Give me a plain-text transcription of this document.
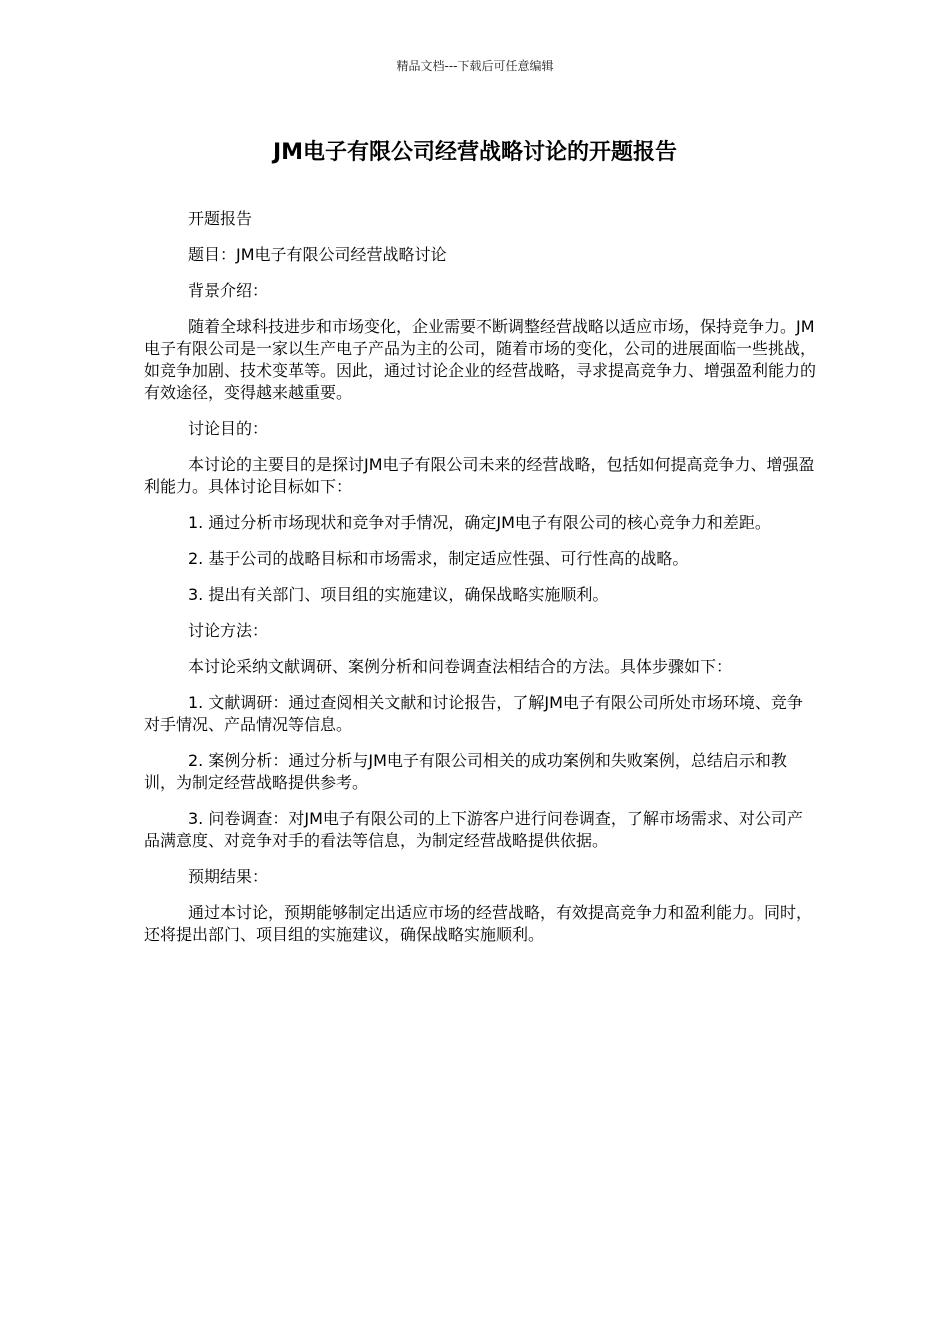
精品文档---下载后可任意编辑
JM电子有限公司经营战略讨论的开题报告

开题报告

题目：JM电子有限公司经营战略讨论

背景介绍：

随着全球科技进步和市场变化，企业需要不断调整经营战略以适应市场，保持竞争力。JM电子有限公司是一家以生产电子产品为主的公司，随着市场的变化，公司的进展面临一些挑战，如竞争加剧、技术变革等。因此，通过讨论企业的经营战略，寻求提高竞争力、增强盈利能力的有效途径，变得越来越重要。

讨论目的：

本讨论的主要目的是探讨JM电子有限公司未来的经营战略，包括如何提高竞争力、增强盈利能力。具体讨论目标如下：

1. 通过分析市场现状和竞争对手情况，确定JM电子有限公司的核心竞争力和差距。

2. 基于公司的战略目标和市场需求，制定适应性强、可行性高的战略。

3. 提出有关部门、项目组的实施建议，确保战略实施顺利。

讨论方法：

本讨论采纳文献调研、案例分析和问卷调查法相结合的方法。具体步骤如下：

1. 文献调研：通过查阅相关文献和讨论报告，了解JM电子有限公司所处市场环境、竞争对手情况、产品情况等信息。

2. 案例分析：通过分析与JM电子有限公司相关的成功案例和失败案例，总结启示和教训，为制定经营战略提供参考。

3. 问卷调查：对JM电子有限公司的上下游客户进行问卷调查，了解市场需求、对公司产品满意度、对竞争对手的看法等信息，为制定经营战略提供依据。

预期结果：

通过本讨论，预期能够制定出适应市场的经营战略，有效提高竞争力和盈利能力。同时，还将提出部门、项目组的实施建议，确保战略实施顺利。
